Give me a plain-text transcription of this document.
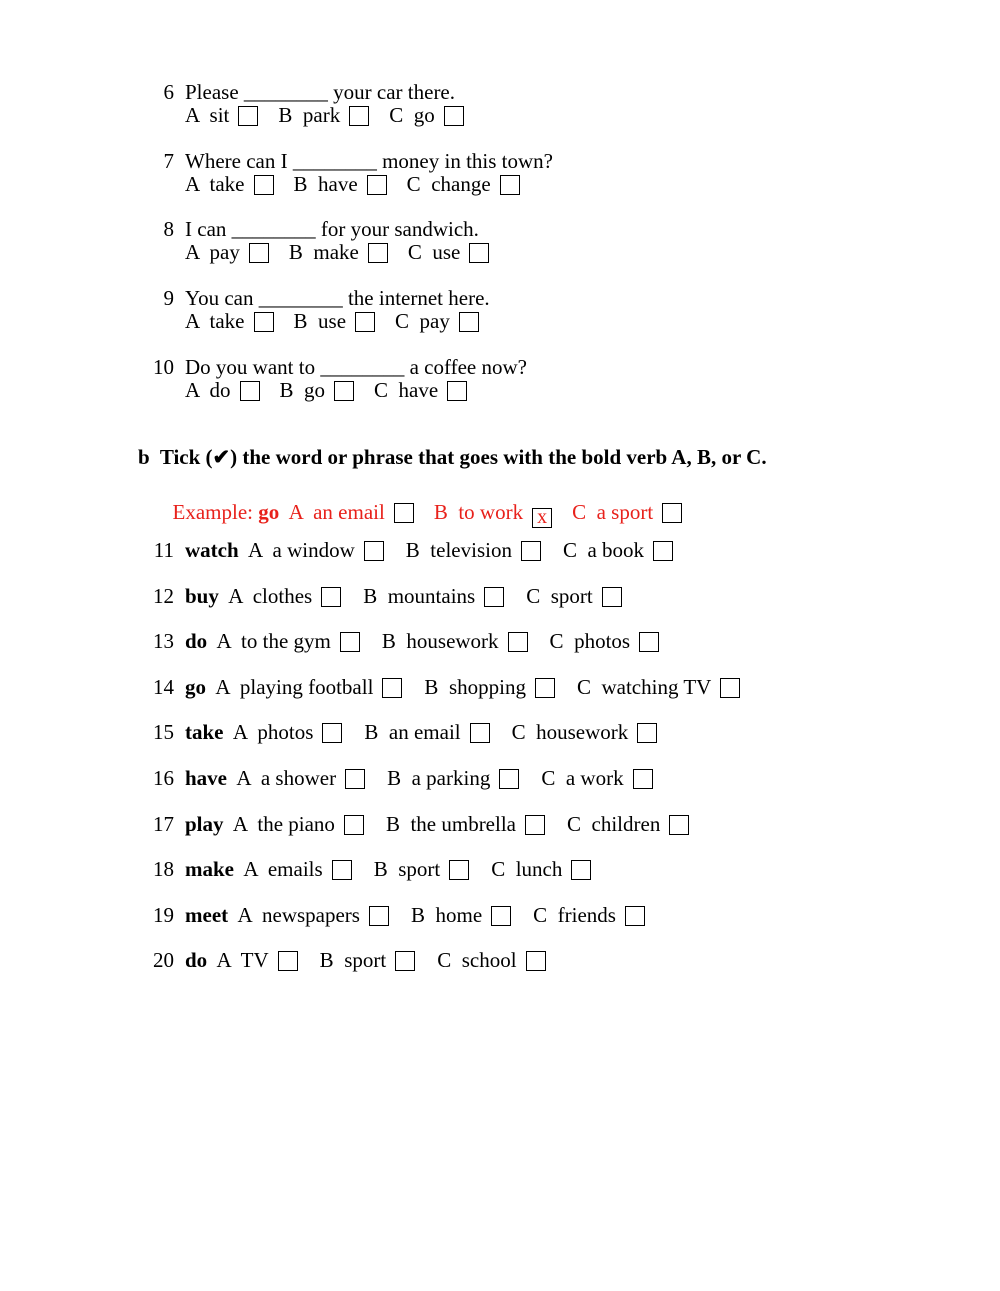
6 Please ________ your car there.
A sit B park C go
7 Where can I ________ money in this town?
A take B have C change
8 I can ________ for your sandwich.
A pay B make C use
9 You can ________ the internet here.
A take B use C pay
10 Do you want to ________ a coffee now?
A do B go C have
b Tick (✔) the word or phrase that goes with the bold verb A, B, or C.

Example: go A an email B to work x C a sport

11 watch A a window B television C a book
12 buy A clothes B mountains C sport
13 do A to the gym B housework C photos
14 go A playing football B shopping C watching TV
15 take A photos B an email C housework
16 have A a shower B a parking C a work
17 play A the piano B the umbrella C children
18 make A emails B sport C lunch
19 meet A newspapers B home C friends
20 do A TV B sport C school
